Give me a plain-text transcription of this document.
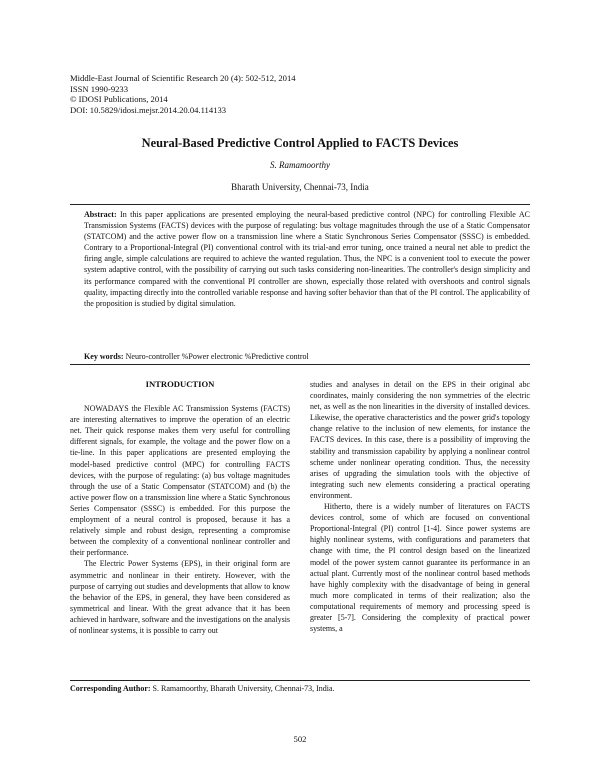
Middle-East Journal of Scientific Research 20 (4): 502-512, 2014
ISSN 1990-9233
© IDOSI Publications, 2014
DOI: 10.5829/idosi.mejsr.2014.20.04.114133
Neural-Based Predictive Control Applied to FACTS Devices
S. Ramamoorthy
Bharath University, Chennai-73, India
Abstract: In this paper applications are presented employing the neural-based predictive control (NPC) for controlling Flexible AC Transmission Systems (FACTS) devices with the purpose of regulating: bus voltage magnitudes through the use of a Static Compensator (STATCOM) and the active power flow on a transmission line where a Static Synchronous Series Compensator (SSSC) is embedded. Contrary to a Proportional-Integral (PI) conventional control with its trial-and error tuning, once trained a neural net able to predict the firing angle, simple calculations are required to achieve the wanted regulation. Thus, the NPC is a convenient tool to execute the power system adaptive control, with the possibility of carrying out such tasks considering non-linearities. The controller's design simplicity and its performance compared with the conventional PI controller are shown, especially those related with overshoots and control signals quality, impacting directly into the controlled variable response and having softer behavior than that of the PI control. The applicability of the proposition is studied by digital simulation.
Key words: Neuro-controller %Power electronic %Predictive control
INTRODUCTION

NOWADAYS the Flexible AC Transmission Systems (FACTS) are interesting alternatives to improve the operation of an electric net. Their quick response makes them very useful for controlling different signals, for example, the voltage and the power flow on a tie-line. In this paper applications are presented employing the model-based predictive control (MPC) for controlling FACTS devices, with the purpose of regulating: (a) bus voltage magnitudes through the use of a Static Compensator (STATCOM) and (b) the active power flow on a transmission line where a Static Synchronous Series Compensator (SSSC) is embedded. For this purpose the employment of a neural control is proposed, because it has a relatively simple and robust design, representing a compromise between the complexity of a conventional nonlinear controller and their performance.

The Electric Power Systems (EPS), in their original form are asymmetric and nonlinear in their entirety. However, with the purpose of carrying out studies and developments that allow to know the behavior of the EPS, in general, they have been considered as symmetrical and linear. With the great advance that it has been achieved in hardware, software and the investigations on the analysis of nonlinear systems, it is possible to carry out

studies and analyses in detail on the EPS in their original abc coordinates, mainly considering the non symmetries of the electric net, as well as the non linearities in the diversity of installed devices. Likewise, the operative characteristics and the power grid's topology change relative to the inclusion of new elements, for instance the FACTS devices. In this case, there is a possibility of improving the stability and transmission capability by applying a nonlinear control scheme under nonlinear operating condition. Thus, the necessity arises of upgrading the simulation tools with the objective of integrating such new elements considering a practical operating environment.

Hitherto, there is a widely number of literatures on FACTS devices control, some of which are focused on conventional Proportional-Integral (PI) control [1-4]. Since power systems are highly nonlinear systems, with configurations and parameters that change with time, the PI control design based on the linearized model of the power system cannot guarantee its performance in an actual plant. Currently most of the nonlinear control based methods have highly complexity with the disadvantage of being in general much more complicated in terms of their realization; also the computational requirements of memory and processing speed is greater [5-7]. Considering the complexity of practical power systems, a

Corresponding Author: S. Ramamoorthy, Bharath University, Chennai-73, India.
502
